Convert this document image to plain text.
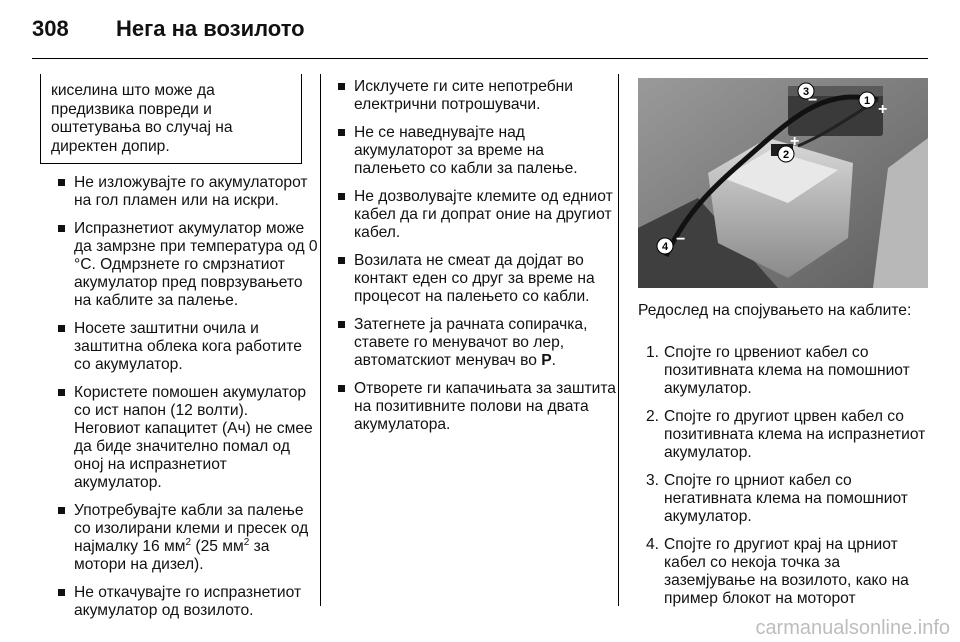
308 Нега на возилото
киселина што може да предизвика повреди и оштетувања во случај на директен допир.
Не изложувајте го акумулаторот на гол пламен или на искри.
Испразнетиот акумулатор може да замрзне при температура од 0 °C. Одмрзнете го смрзнатиот акумулатор пред поврзувањето на каблите за палење.
Носете заштитни очила и заштитна облека кога работите со акумулатор.
Користете помошен акумулатор со ист напон (12 волти). Неговиот капацитет (Ач) не смее да биде значително помал од оној на испразнетиот акумулатор.
Употребувајте кабли за палење со изолирани клеми и пресек од најмалку 16 $мм^2$ (25 $мм^2$ за мотори на дизел).
Не откачувајте го испразнетиот акумулатор од возилото.
Исклучете ги сите непотребни електрични потрошувачи.
Не се наведнувајте над акумулаторот за време на палењето со кабли за палење.
Не дозволувајте клемите од едниот кабел да ги допрат оние на другиот кабел.
Возилата не смеат да дојдат во контакт еден со друг за време на процесот на палењето со кабли.
Затегнете ја рачната сопирачка, ставете го менувачот во лер, автоматскиот менувач во P.
Отворете ги капачињата за заштита на позитивните полови на двата акумулатора.
1
2
3
4
+
+
−
−
Редослед на спојувањето на каблите:
1. Спојте го црвениот кабел со позитивната клема на помошниот акумулатор.
2. Спојте го другиот црвен кабел со позитивната клема на испразнетиот акумулатор.
3. Спојте го црниот кабел со негативната клема на помошниот акумулатор.
4. Спојте го другиот крај на црниот кабел со некоја точка за заземјување на возилото, како на пример блокот на моторот
carmanualsonline.info
